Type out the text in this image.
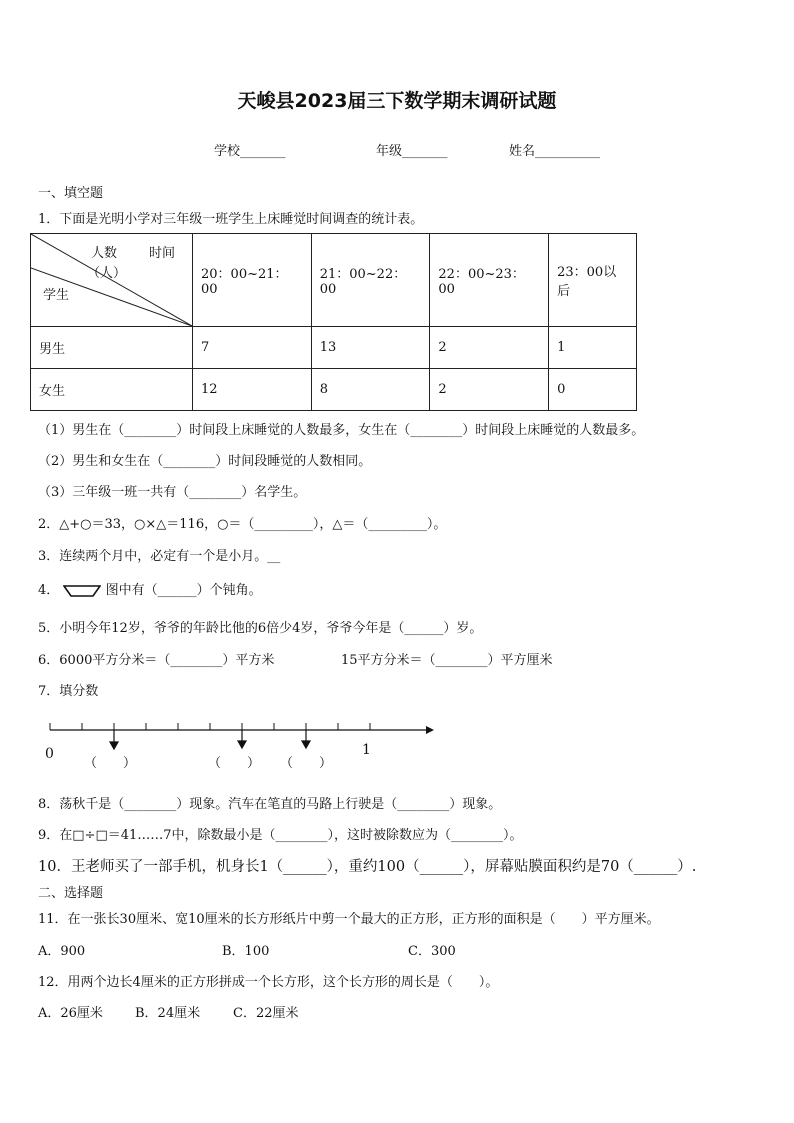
天峻县2023届三下数学期末调研试题
学校_______	年级_______	姓名__________
一、填空题
1．下面是光明小学对三年级一班学生上床睡觉时间调查的统计表。
时间
人数
（人）
学生	20：00~21：00	21：00~22：00	22：00~23：00	23：00以后
男生	7	13	2	1
女生	12	8	2	0
（1）男生在（________）时间段上床睡觉的人数最多，女生在（________）时间段上床睡觉的人数最多。
（2）男生和女生在（________）时间段睡觉的人数相同。
（3）三年级一班一共有（________）名学生。
2．△+○＝33，○×△＝116，○＝（_________），△＝（_________）。
3．连续两个月中，必定有一个是小月。__
4．	图中有（______）个钝角。
5．小明今年12岁，爷爷的年龄比他的6倍少4岁，爷爷今年是（______）岁。
6．6000平方分米＝（________）平方米	15平方分米＝（________）平方厘米
7．填分数
0	1
（　　）	（　　） （　　）
8．荡秋千是（________）现象。汽车在笔直的马路上行驶是（________）现象。
9．在□÷□＝41……7中，除数最小是（________），这时被除数应为（________）。
10．王老师买了一部手机，机身长1（______），重约100（______），屏幕贴膜面积约是70（______）.
二、选择题
11．在一张长30厘米、宽10厘米的长方形纸片中剪一个最大的正方形，正方形的面积是（　　）平方厘米。
A．900	B．100	C．300
12．用两个边长4厘米的正方形拼成一个长方形，这个长方形的周长是（　　）。
A．26厘米 B．24厘米	C．22厘米
